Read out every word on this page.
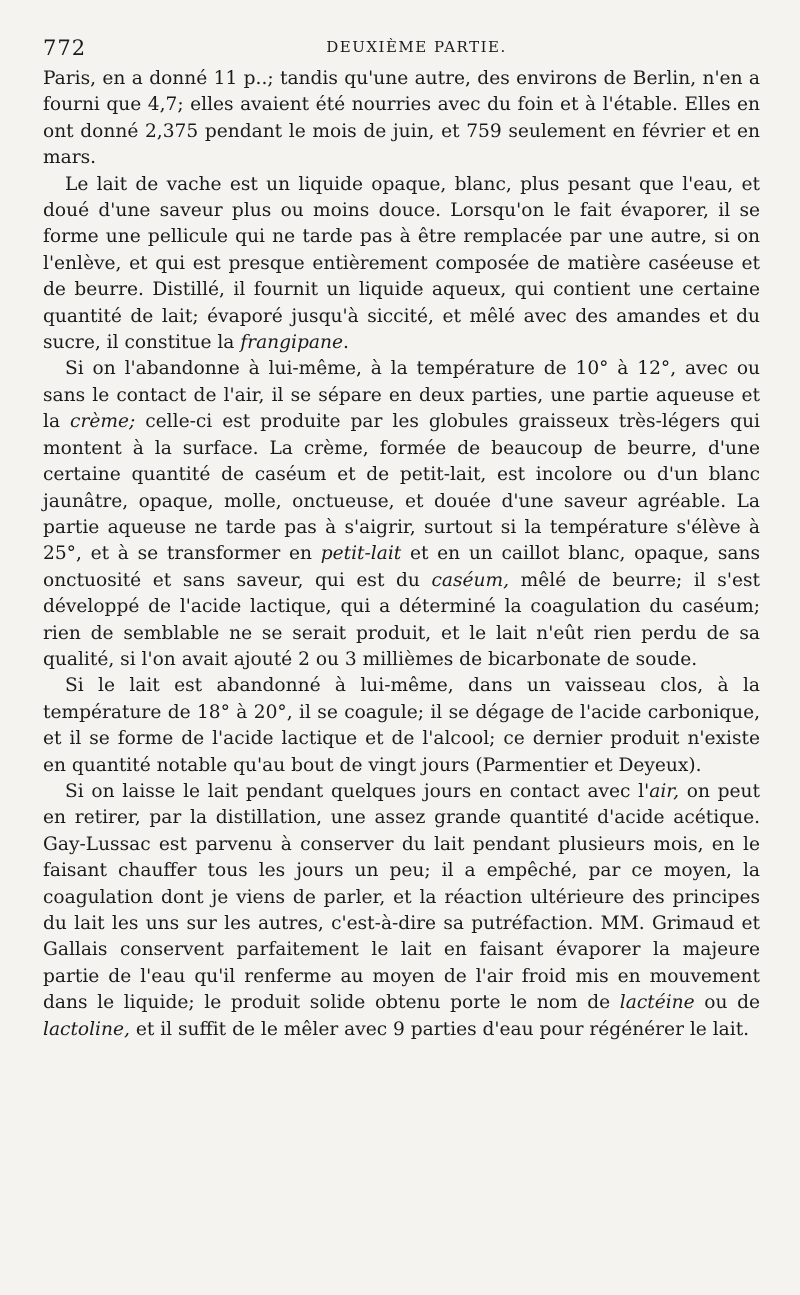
772	DEUXIÈME PARTIE.

Paris, en a donné 11 p..; tandis qu'une autre, des environs de Berlin, n'en a fourni que 4,7; elles avaient été nourries avec du foin et à l'étable. Elles en ont donné 2,375 pendant le mois de juin, et 759 seulement en février et en mars.

Le lait de vache est un liquide opaque, blanc, plus pesant que l'eau, et doué d'une saveur plus ou moins douce. Lorsqu'on le fait évaporer, il se forme une pellicule qui ne tarde pas à être remplacée par une autre, si on l'enlève, et qui est presque entièrement composée de matière caséeuse et de beurre. Distillé, il fournit un liquide aqueux, qui contient une certaine quantité de lait; évaporé jusqu'à siccité, et mêlé avec des amandes et du sucre, il constitue la frangipane.

Si on l'abandonne à lui-même, à la température de 10° à 12°, avec ou sans le contact de l'air, il se sépare en deux parties, une partie aqueuse et la crème; celle-ci est produite par les globules graisseux très-légers qui montent à la surface. La crème, formée de beaucoup de beurre, d'une certaine quantité de caséum et de petit-lait, est incolore ou d'un blanc jaunâtre, opaque, molle, onctueuse, et douée d'une saveur agréable. La partie aqueuse ne tarde pas à s'aigrir, surtout si la température s'élève à 25°, et à se transformer en petit-lait et en un caillot blanc, opaque, sans onctuosité et sans saveur, qui est du caséum, mêlé de beurre; il s'est développé de l'acide lactique, qui a déterminé la coagulation du caséum; rien de semblable ne se serait produit, et le lait n'eût rien perdu de sa qualité, si l'on avait ajouté 2 ou 3 millièmes de bicarbonate de soude.

Si le lait est abandonné à lui-même, dans un vaisseau clos, à la température de 18° à 20°, il se coagule; il se dégage de l'acide carbonique, et il se forme de l'acide lactique et de l'alcool; ce dernier produit n'existe en quantité notable qu'au bout de vingt jours (Parmentier et Deyeux).

Si on laisse le lait pendant quelques jours en contact avec l'air, on peut en retirer, par la distillation, une assez grande quantité d'acide acétique. Gay-Lussac est parvenu à conserver du lait pendant plusieurs mois, en le faisant chauffer tous les jours un peu; il a empêché, par ce moyen, la coagulation dont je viens de parler, et la réaction ultérieure des principes du lait les uns sur les autres, c'est-à-dire sa putréfaction. MM. Grimaud et Gallais conservent parfaitement le lait en faisant évaporer la majeure partie de l'eau qu'il renferme au moyen de l'air froid mis en mouvement dans le liquide; le produit solide obtenu porte le nom de lactéine ou de lactoline, et il suffit de le mêler avec 9 parties d'eau pour régénérer le lait.
